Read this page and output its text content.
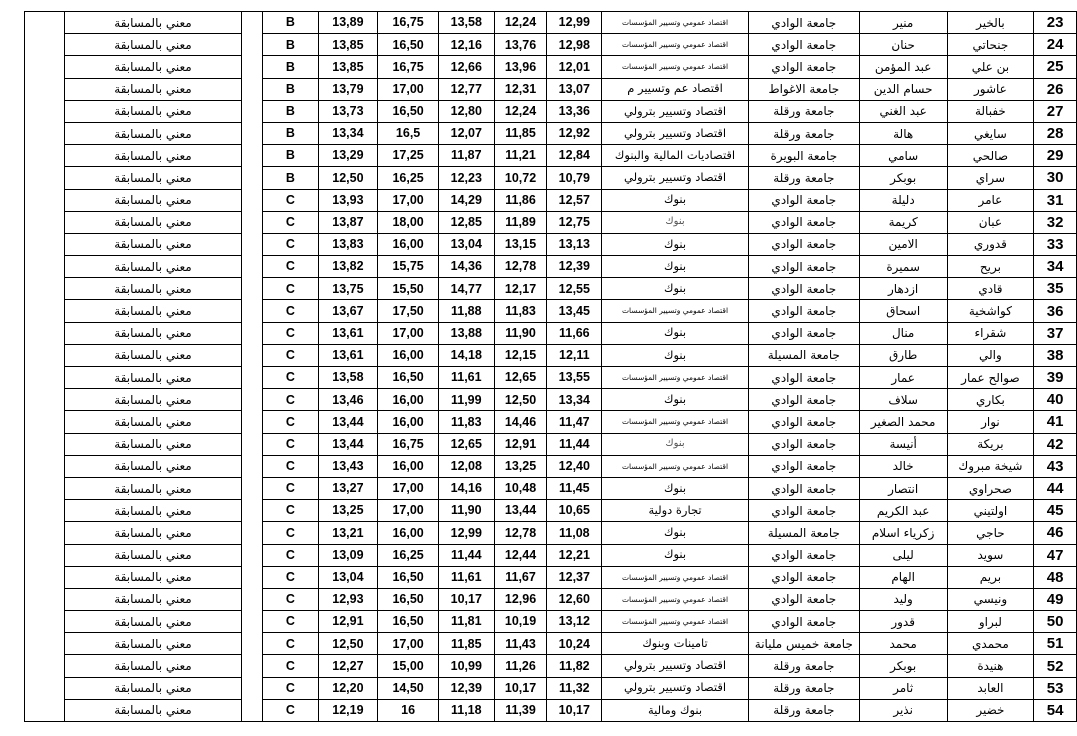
23	بالخير	منير	جامعة الوادي	اقتصاد عمومي وتسيير المؤسسات	12,99	12,24	13,58	16,75	13,89	B		معني بالمسابقة	
24	جنحاتي	حنان	جامعة الوادي	اقتصاد عمومي وتسيير المؤسسات	12,98	13,76	12,16	16,50	13,85	B		معني بالمسابقة	
25	بن علي	عبد المؤمن	جامعة الوادي	اقتصاد عمومي وتسيير المؤسسات	12,01	13,96	12,66	16,75	13,85	B		معني بالمسابقة	
26	عاشور	حسام الدين	جامعة الاغواط	اقتصاد عم وتسيير م	13,07	12,31	12,77	17,00	13,79	B		معني بالمسابقة	
27	خفبالة	عبد الغني	جامعة ورقلة	اقتصاد وتسيير بترولي	13,36	12,24	12,80	16,50	13,73	B		معني بالمسابقة	
28	سايغي	هالة	جامعة ورقلة	اقتصاد وتسيير بترولي	12,92	11,85	12,07	16,5	13,34	B		معني بالمسابقة	
29	صالحي	سامي	جامعة البويرة	اقتصاديات المالية والبنوك	12,84	11,21	11,87	17,25	13,29	B		معني بالمسابقة	
30	سراي	بوبكر	جامعة ورقلة	اقتصاد وتسيير بترولي	10,79	10,72	12,23	16,25	12,50	B		معني بالمسابقة	
31	عامر	دليلة	جامعة الوادي	بنوك	12,57	11,86	14,29	17,00	13,93	C		معني بالمسابقة	
32	عبان	كريمة	جامعة الوادي	بنوك	12,75	11,89	12,85	18,00	13,87	C		معني بالمسابقة	
33	قدوري	الامين	جامعة الوادي	بنوك	13,13	13,15	13,04	16,00	13,83	C		معني بالمسابقة	
34	بريح	سميرة	جامعة الوادي	بنوك	12,39	12,78	14,36	15,75	13,82	C		معني بالمسابقة	
35	قادي	ازدهار	جامعة الوادي	بنوك	12,55	12,17	14,77	15,50	13,75	C		معني بالمسابقة	
36	كواشخية	اسحاق	جامعة الوادي	اقتصاد عمومي وتسيير المؤسسات	13,45	11,83	11,88	17,50	13,67	C		معني بالمسابقة	
37	شقراء	منال	جامعة الوادي	بنوك	11,66	11,90	13,88	17,00	13,61	C		معني بالمسابقة	
38	والي	طارق	جامعة المسيلة	بنوك	12,11	12,15	14,18	16,00	13,61	C		معني بالمسابقة	
39	صوالح عمار	عمار	جامعة الوادي	اقتصاد عمومي وتسيير المؤسسات	13,55	12,65	11,61	16,50	13,58	C		معني بالمسابقة	
40	بكاري	سلاف	جامعة الوادي	بنوك	13,34	12,50	11,99	16,00	13,46	C		معني بالمسابقة	
41	نوار	محمد الصغير	جامعة الوادي	اقتصاد عمومي وتسيير المؤسسات	11,47	14,46	11,83	16,00	13,44	C		معني بالمسابقة	
42	بريكة	أنيسة	جامعة الوادي	بنوك	11,44	12,91	12,65	16,75	13,44	C		معني بالمسابقة	
43	شيخة مبروك	خالد	جامعة الوادي	اقتصاد عمومي وتسيير المؤسسات	12,40	13,25	12,08	16,00	13,43	C		معني بالمسابقة	
44	صحراوي	انتصار	جامعة الوادي	بنوك	11,45	10,48	14,16	17,00	13,27	C		معني بالمسابقة	
45	اولتيني	عبد الكريم	جامعة الوادي	تجارة دولية	10,65	13,44	11,90	17,00	13,25	C		معني بالمسابقة	
46	حاجي	زكرياء اسلام	جامعة المسيلة	بنوك	11,08	12,78	12,99	16,00	13,21	C		معني بالمسابقة	
47	سويد	ليلى	جامعة الوادي	بنوك	12,21	12,44	11,44	16,25	13,09	C		معني بالمسابقة	
48	بريم	الهام	جامعة الوادي	اقتصاد عمومي وتسيير المؤسسات	12,37	11,67	11,61	16,50	13,04	C		معني بالمسابقة	
49	ونيسي	وليد	جامعة الوادي	اقتصاد عمومي وتسيير المؤسسات	12,60	12,96	10,17	16,50	12,93	C		معني بالمسابقة	
50	لبراو	قدور	جامعة الوادي	اقتصاد عمومي وتسيير المؤسسات	13,12	10,19	11,81	16,50	12,91	C		معني بالمسابقة	
51	محمدي	محمد	جامعة خميس مليانة	تامينات وبنوك	10,24	11,43	11,85	17,00	12,50	C		معني بالمسابقة	
52	هنيدة	بوبكر	جامعة ورقلة	اقتصاد وتسيير بترولي	11,82	11,26	10,99	15,00	12,27	C		معني بالمسابقة	
53	العابد	ثامر	جامعة ورقلة	اقتصاد وتسيير بترولي	11,32	10,17	12,39	14,50	12,20	C		معني بالمسابقة	
54	خضير	نذير	جامعة ورقلة	بنوك ومالية	10,17	11,39	11,18	16	12,19	C		معني بالمسابقة	
